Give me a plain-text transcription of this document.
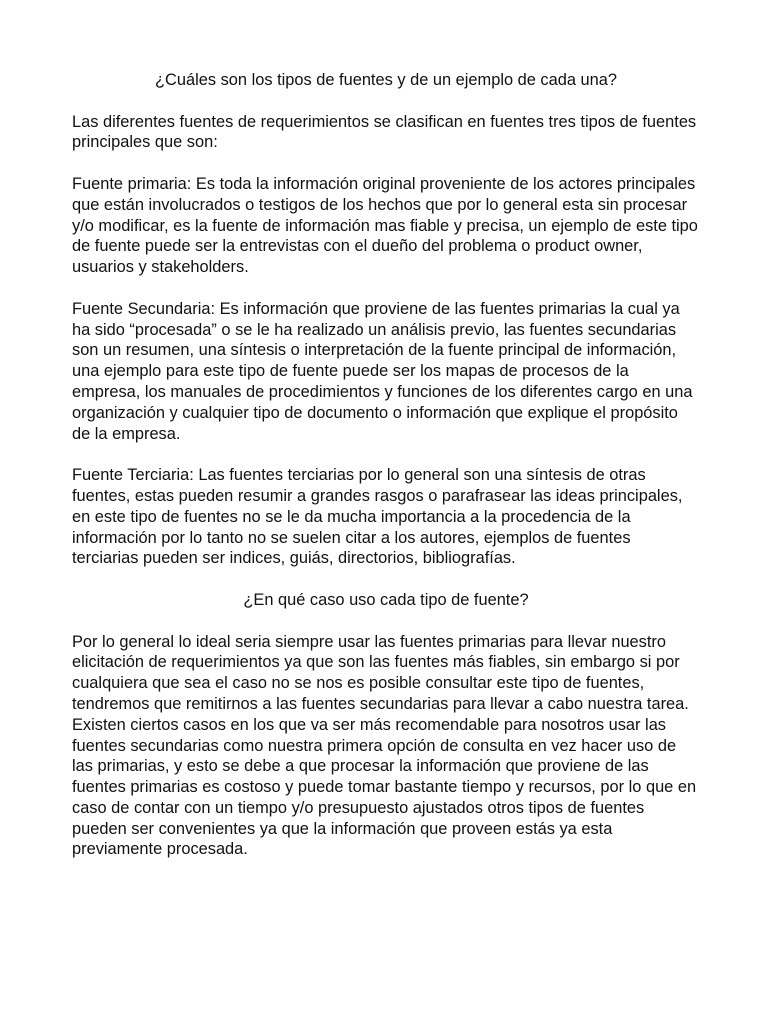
¿Cuáles son los tipos de fuentes y de un ejemplo de cada una?

Las diferentes fuentes de requerimientos se clasifican en fuentes tres tipos de fuentes principales que son:

Fuente primaria: Es toda la información original proveniente de los actores principales que están involucrados o testigos de los hechos que por lo general esta sin procesar y/o modificar, es la fuente de información mas fiable y precisa, un ejemplo de este tipo de fuente puede ser la entrevistas con el dueño del problema o product owner, usuarios y stakeholders.

Fuente Secundaria: Es información que proviene de las fuentes primarias la cual ya ha sido “procesada” o se le ha realizado un análisis previo, las fuentes secundarias son un resumen, una síntesis o interpretación de la fuente principal de información, una ejemplo para este tipo de fuente puede ser los mapas de procesos de la empresa, los manuales de procedimientos y funciones de los diferentes cargo en una organización y cualquier tipo de documento o información que explique el propósito de la empresa.

Fuente Terciaria: Las fuentes terciarias por lo general son una síntesis de otras fuentes, estas pueden resumir a grandes rasgos o parafrasear las ideas principales, en este tipo de fuentes no se le da mucha importancia a la procedencia de la información por lo tanto no se suelen citar a los autores, ejemplos de fuentes terciarias pueden ser indices, guiás, directorios, bibliografías.

¿En qué caso uso cada tipo de fuente?

Por lo general lo ideal seria siempre usar las fuentes primarias para llevar nuestro elicitación de requerimientos ya que son las fuentes más fiables, sin embargo si por cualquiera que sea el caso no se nos es posible consultar este tipo de fuentes, tendremos que remitirnos a las fuentes secundarias para llevar a cabo nuestra tarea.

Existen ciertos casos en los que va ser más recomendable para nosotros usar las fuentes secundarias como nuestra primera opción de consulta en vez hacer uso de las primarias, y esto se debe a que procesar la información que proviene de las fuentes primarias es costoso y puede tomar bastante tiempo y recursos, por lo que en caso de contar con un tiempo y/o presupuesto ajustados otros tipos de fuentes pueden ser convenientes ya que la información que proveen estás ya esta previamente procesada.
